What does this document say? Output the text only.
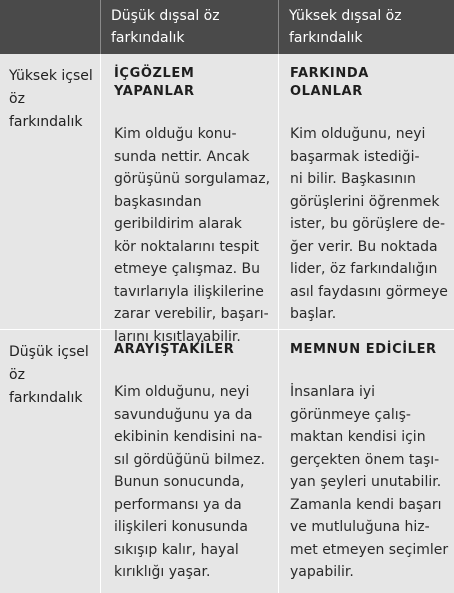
Düşük dışsal öz farkındalık
Yüksek dışsal öz farkındalık
Yüksek içsel öz farkındalık
İÇGÖZLEM YAPANLAR
Kim olduğu konu-
sunda nettir. Ancak
görüşünü sorgulamaz,
başkasından
geribildirim alarak
kör noktalarını tespit
etmeye çalışmaz. Bu
tavırlarıyla ilişkilerine
zarar verebilir, başarı-
larını kısıtlayabilir.
FARKINDA OLANLAR
Kim olduğunu, neyi
başarmak istediği-
ni bilir. Başkasının
görüşlerini öğrenmek
ister, bu görüşlere de-
ğer verir. Bu noktada
lider, öz farkındalığın
asıl faydasını görmeye
başlar.
Düşük içsel öz farkındalık
ARAYIŞTAKİLER
Kim olduğunu, neyi
savunduğunu ya da
ekibinin kendisini na-
sıl gördüğünü bilmez.
Bunun sonucunda,
performansı ya da
ilişkileri konusunda
sıkışıp kalır, hayal
kırıklığı yaşar.
MEMNUN EDİCİLER
İnsanlara iyi
görünmeye çalış-
maktan kendisi için
gerçekten önem taşı-
yan şeyleri unutabilir.
Zamanla kendi başarı
ve mutluluğuna hiz-
met etmeyen seçimler
yapabilir.
